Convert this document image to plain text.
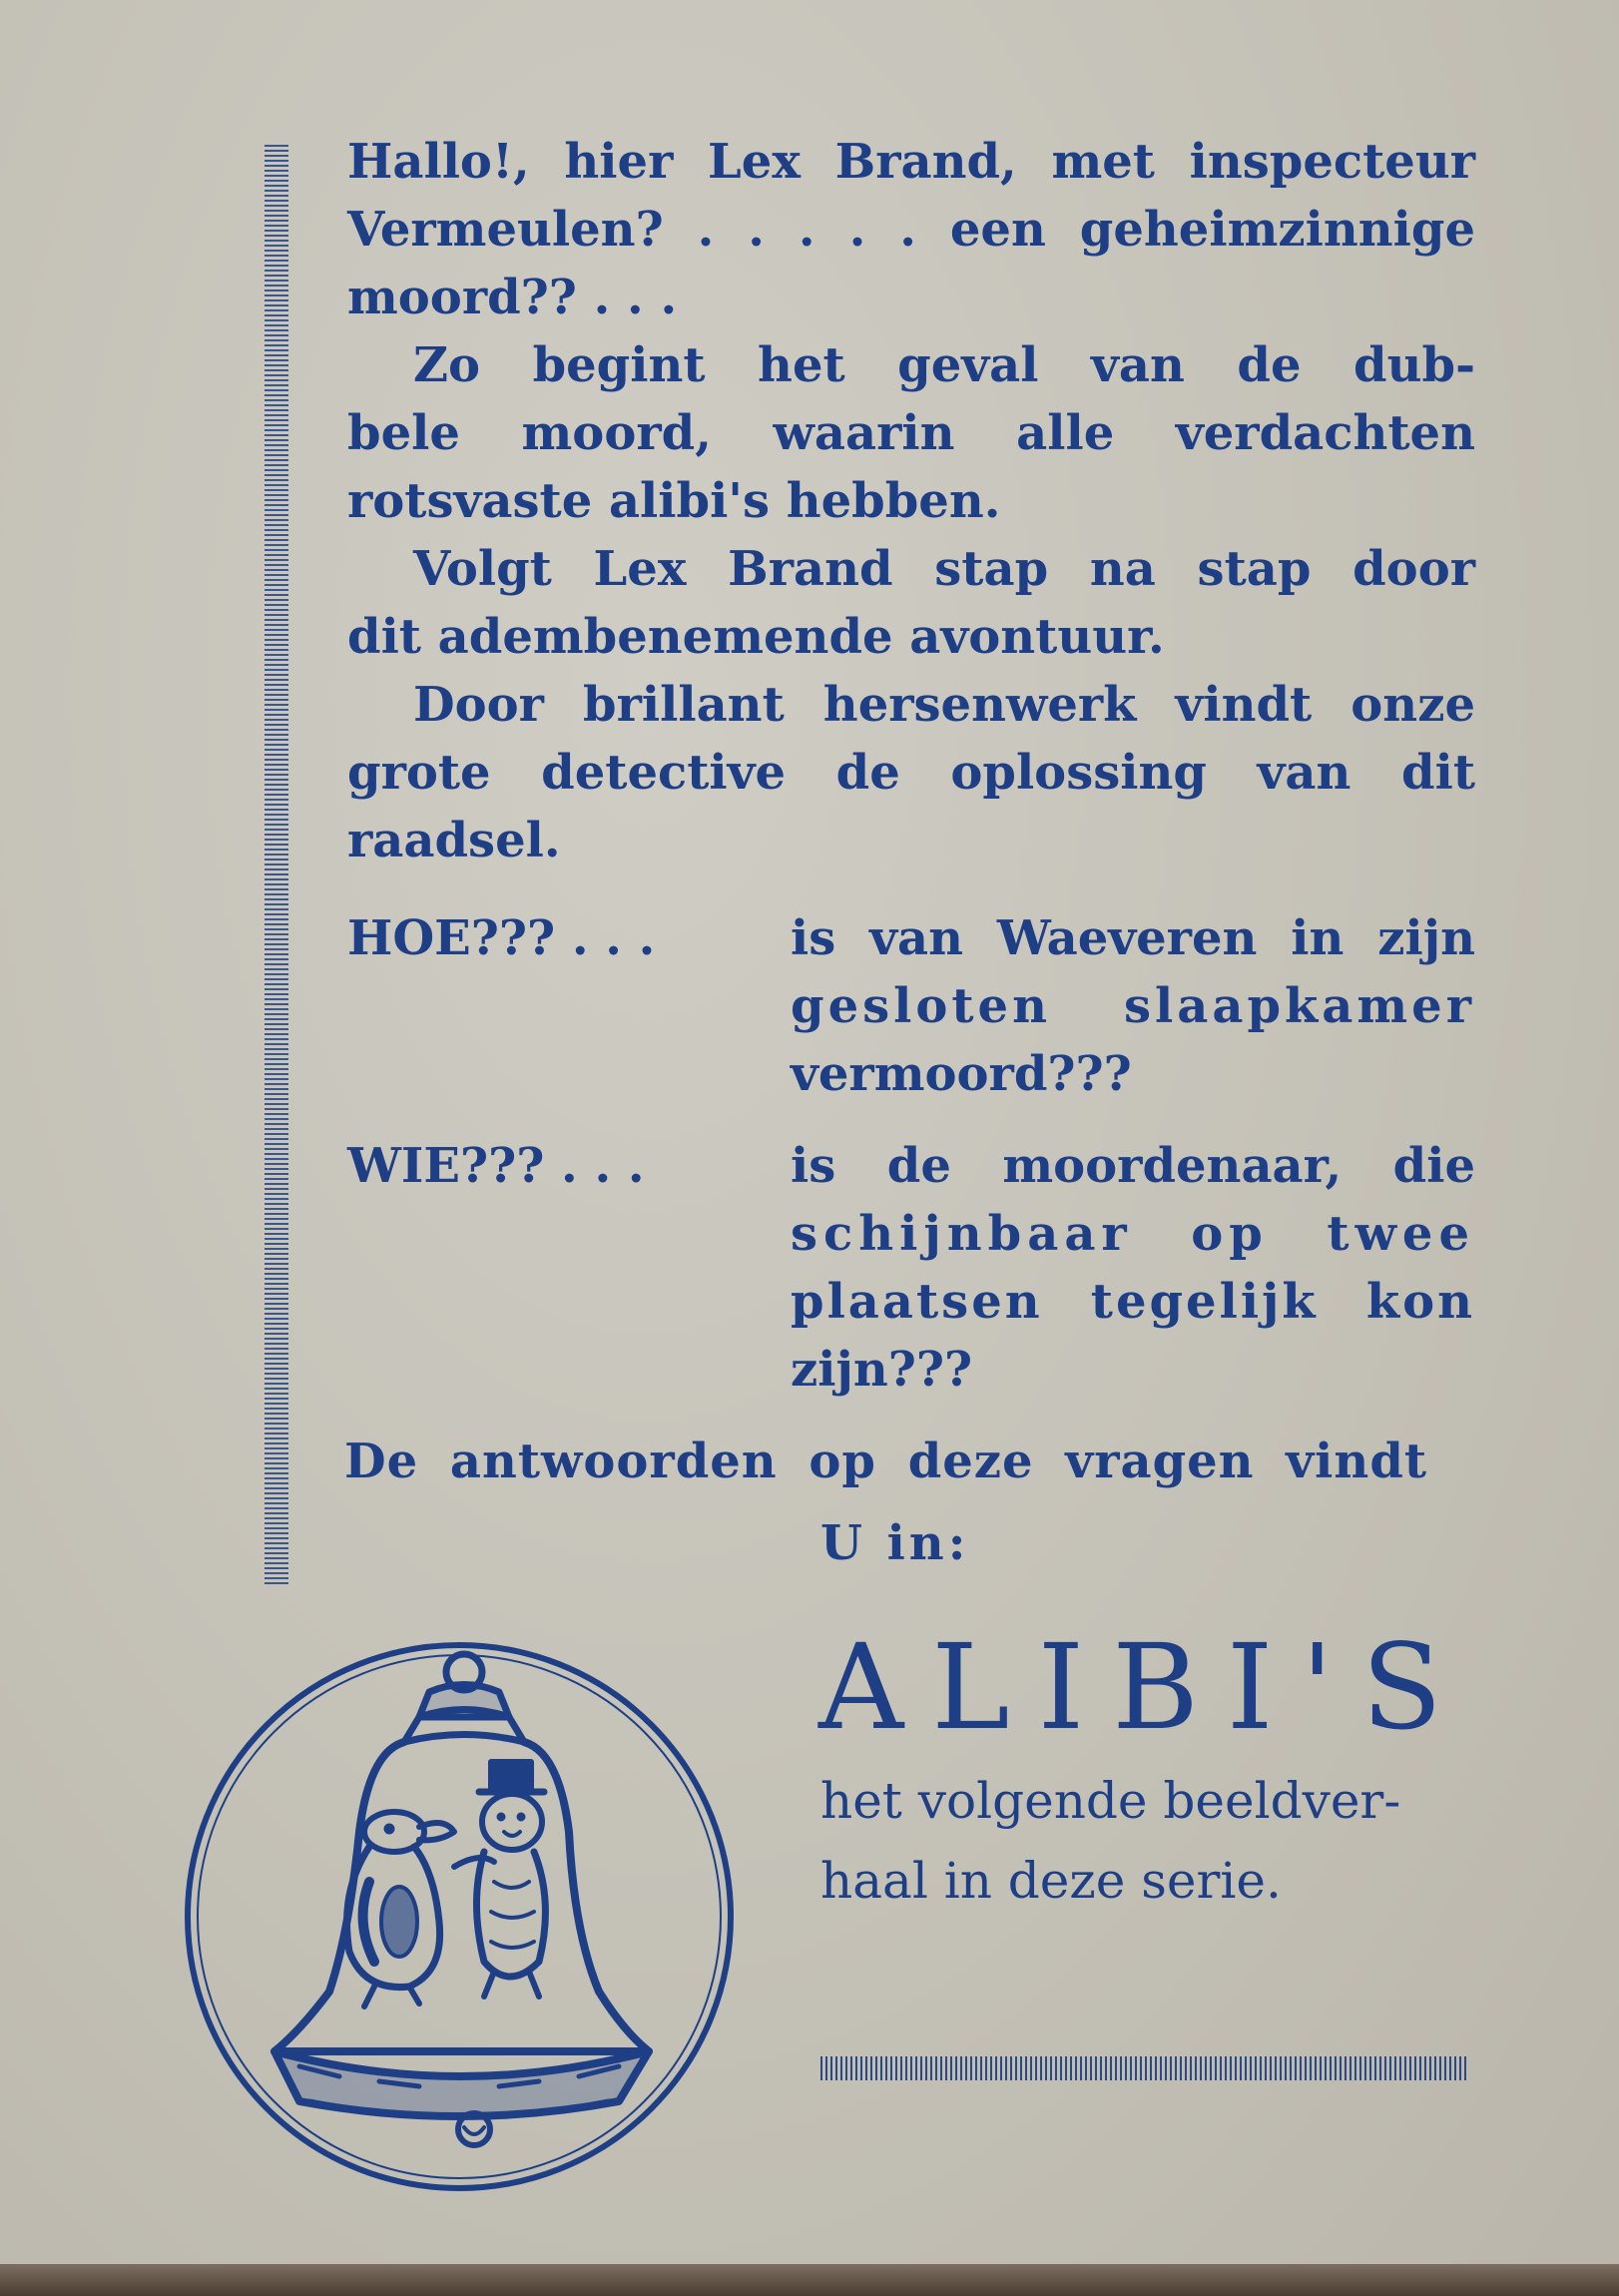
Hallo!, hier Lex Brand, met inspecteur
Vermeulen? . . . . . een geheimzinnige
moord?? . . .
Zo begint het geval van de dub-
bele moord, waarin alle verdachten
rotsvaste alibi's hebben.
Volgt Lex Brand stap na stap door
dit adembenemende avontuur.
Door brillant hersenwerk vindt onze
grote detective de oplossing van dit
raadsel.
HOE??? . . .	is van Waeveren in zijn
gesloten slaapkamer
vermoord???
WIE??? . . .	is de moordenaar, die
schijnbaar op twee
plaatsen tegelijk kon
zijn???
De antwoorden op deze vragen vindt
U in:
ALIBI'S
het volgende beeldver-
haal in deze serie.
